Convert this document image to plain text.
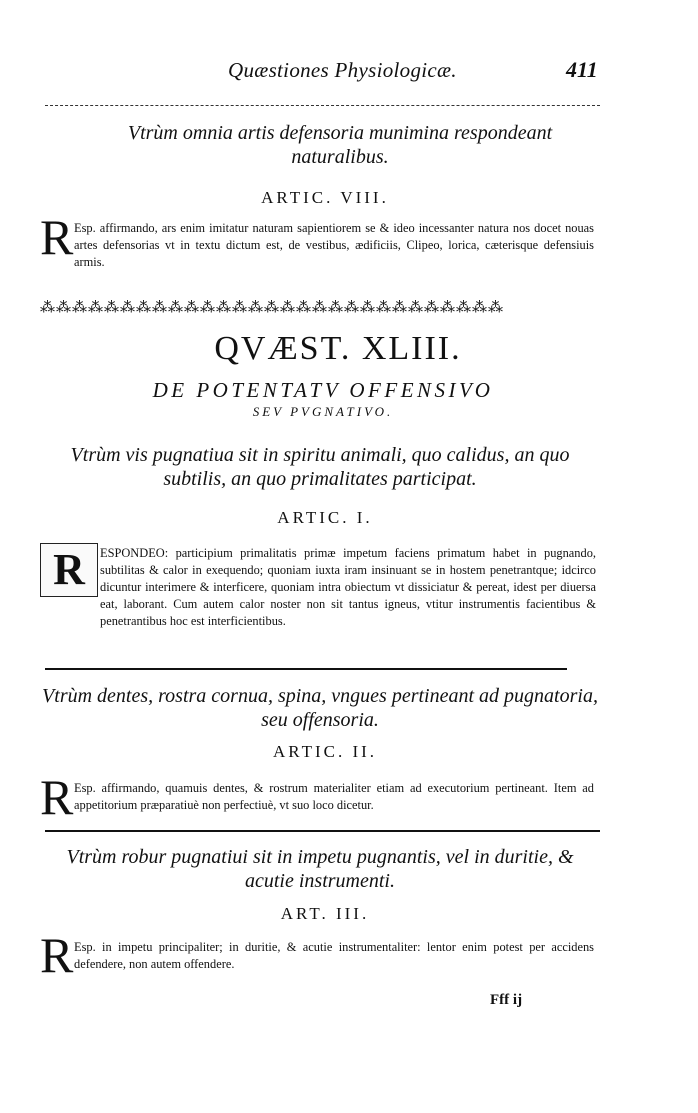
Quæstiones Physiologicæ.	411
Vtrùm omnia artis defensoria munimina respondeant naturalibus.
ARTIC. VIII.
R Esp. affirmando, ars enim imitatur naturam sapientiorem se & ideo incessanter natura nos docet nouas artes defensorias vt in textu dictum est, de vestibus, ædificiis, Clipeo, lorica, cæterisque defensiuis armis.
⁂⁂⁂⁂⁂⁂⁂⁂⁂⁂⁂⁂⁂⁂⁂⁂⁂⁂⁂⁂⁂⁂⁂⁂⁂⁂⁂⁂⁂
QVÆST. XLIII.
DE POTENTATV OFFENSIVO
SEV PVGNATIVO.
Vtrùm vis pugnatiua sit in spiritu animali, quo calidus, an quo subtilis, an quo primalitates participat.
ARTIC. I.
R ESPONDEO: participium primalitatis primæ impetum faciens primatum habet in pugnando, subtilitas & calor in exequendo; quoniam iuxta iram insinuant se in hostem penetrantque; idcirco dicuntur interimere & interficere, quoniam intra obiectum vt dissiciatur & pereat, idest per diuersa eat, laborant. Cum autem calor noster non sit tantus igneus, vtitur instrumentis facientibus & penetrantibus hoc est interficientibus.
Vtrùm dentes, rostra cornua, spina, vngues pertineant ad pugnatoria, seu offensoria.
ARTIC. II.
R Esp. affirmando, quamuis dentes, & rostrum materialiter etiam ad executorium pertineant. Item ad appetitorium præparatiuè non perfectiuè, vt suo loco dicetur.
Vtrùm robur pugnatiui sit in impetu pugnantis, vel in duritie, & acutie instrumenti.
ART. III.
R Esp. in impetu principaliter; in duritie, & acutie instrumentaliter: lentor enim potest per accidens defendere, non autem offendere.
Fff ij
